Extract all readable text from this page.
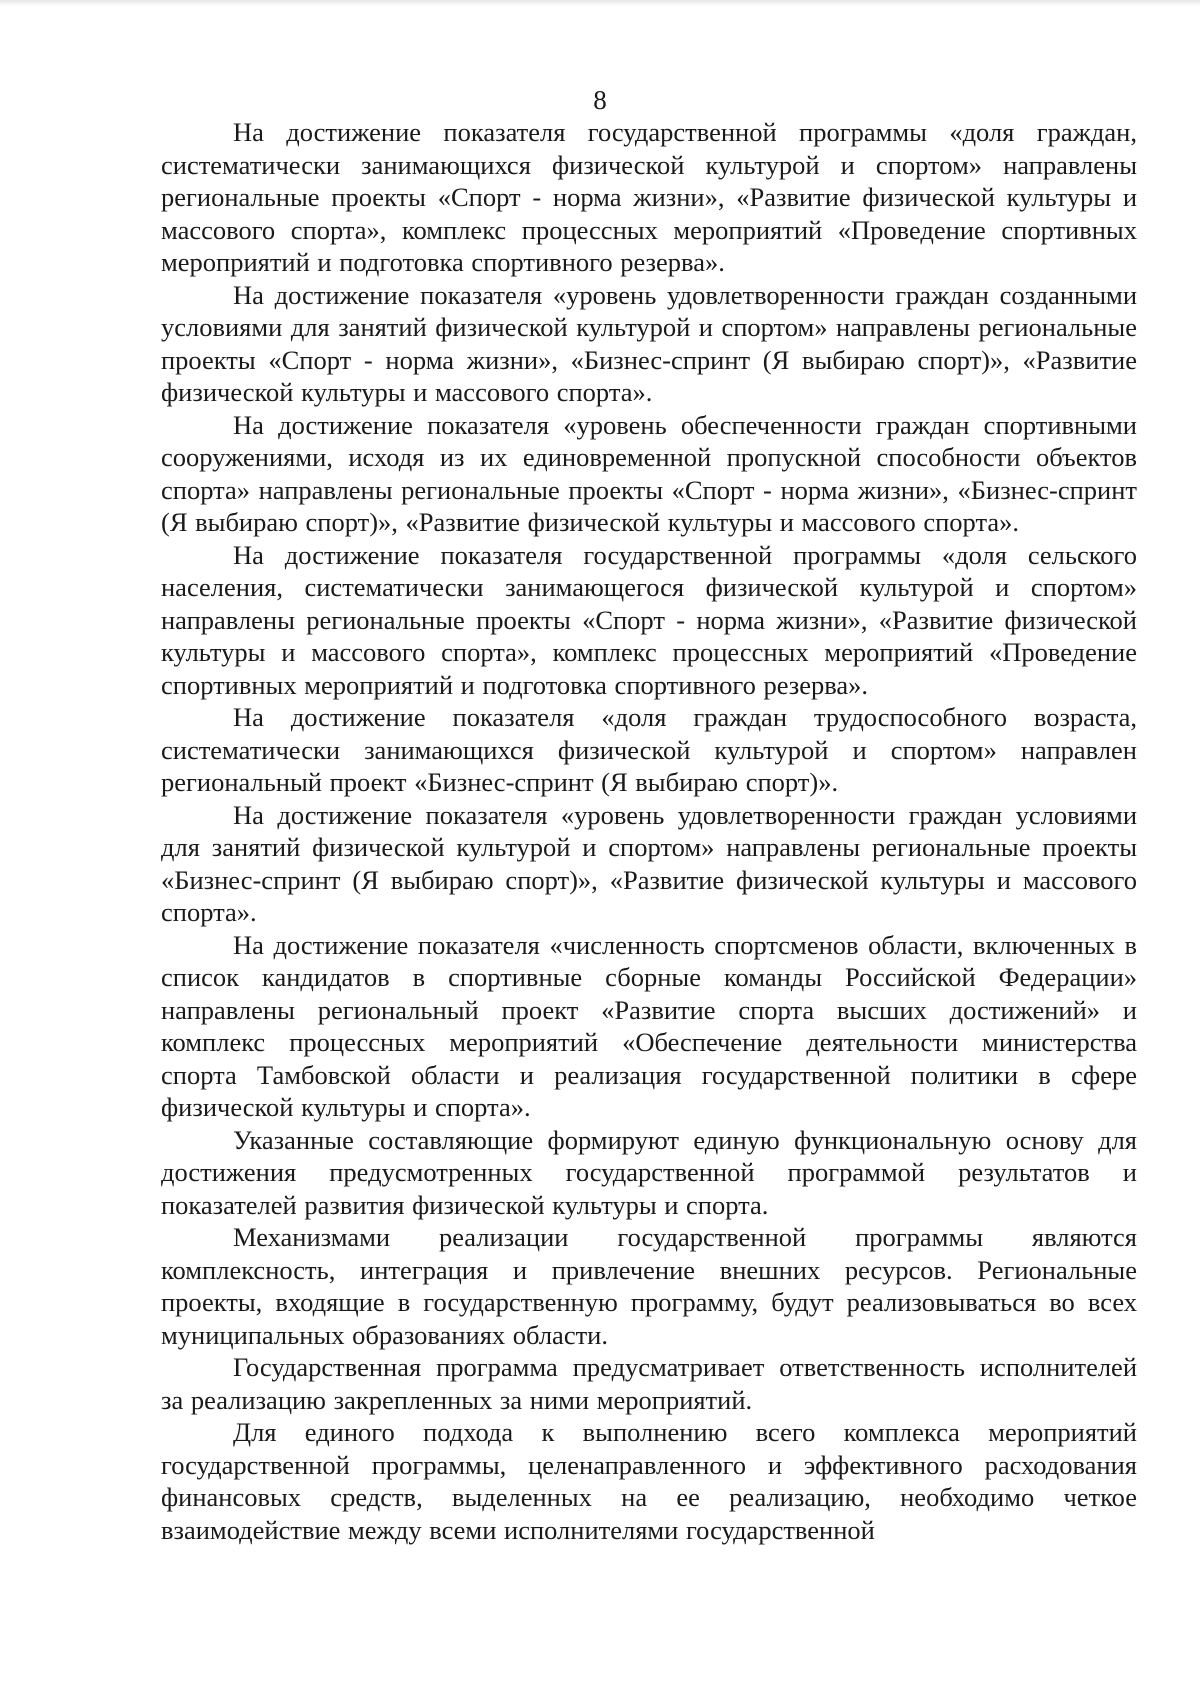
8

На достижение показателя государственной программы «доля граждан, систематически занимающихся физической культурой и спортом» направлены региональные проекты «Спорт - норма жизни», «Развитие физической культуры и массового спорта», комплекс процессных мероприятий «Проведение спортивных мероприятий и подготовка спортивного резерва».

На достижение показателя «уровень удовлетворенности граждан созданными условиями для занятий физической культурой и спортом» направлены региональные проекты «Спорт - норма жизни», «Бизнес-спринт (Я выбираю спорт)», «Развитие физической культуры и массового спорта».

На достижение показателя «уровень обеспеченности граждан спортивными сооружениями, исходя из их единовременной пропускной способности объектов спорта» направлены региональные проекты «Спорт - норма жизни», «Бизнес-спринт (Я выбираю спорт)», «Развитие физической культуры и массового спорта».

На достижение показателя государственной программы «доля сельского населения, систематически занимающегося физической культурой и спортом» направлены региональные проекты «Спорт - норма жизни», «Развитие физической культуры и массового спорта», комплекс процессных мероприятий «Проведение спортивных мероприятий и подготовка спортивного резерва».

На достижение показателя «доля граждан трудоспособного возраста, систематически занимающихся физической культурой и спортом» направлен региональный проект «Бизнес-спринт (Я выбираю спорт)».

На достижение показателя «уровень удовлетворенности граждан условиями для занятий физической культурой и спортом» направлены региональные проекты «Бизнес-спринт (Я выбираю спорт)», «Развитие физической культуры и массового спорта».

На достижение показателя «численность спортсменов области, включенных в список кандидатов в спортивные сборные команды Российской Федерации» направлены региональный проект «Развитие спорта высших достижений» и комплекс процессных мероприятий «Обеспечение деятельности министерства спорта Тамбовской области и реализация государственной политики в сфере физической культуры и спорта».

Указанные составляющие формируют единую функциональную основу для достижения предусмотренных государственной программой результатов и показателей развития физической культуры и спорта.

Механизмами реализации государственной программы являются комплексность, интеграция и привлечение внешних ресурсов. Региональные проекты, входящие в государственную программу, будут реализовываться во всех муниципальных образованиях области.

Государственная программа предусматривает ответственность исполнителей за реализацию закрепленных за ними мероприятий.

Для единого подхода к выполнению всего комплекса мероприятий государственной программы, целенаправленного и эффективного расходования финансовых средств, выделенных на ее реализацию, необходимо четкое взаимодействие между всеми исполнителями государственной
